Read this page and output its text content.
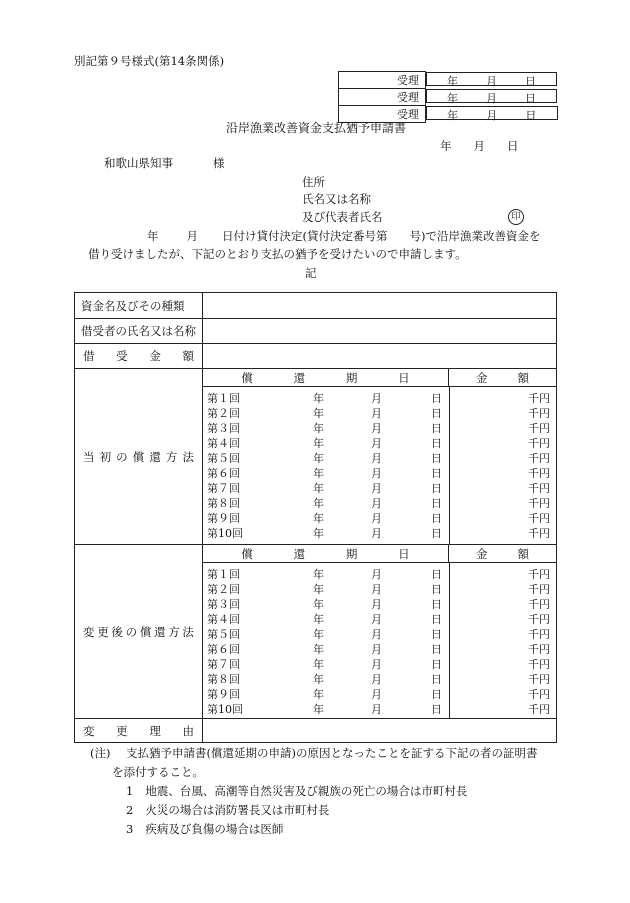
別記第９号様式(第14条関係)
受理		年	月	日

受理		年	月	日

受理		年	月	日
沿岸漁業改善資金支払猶予申請書
年 月 日
和歌山県知事	様
住所
氏名又は名称
及び代表者氏名	印
年 月 日付け貸付決定(貸付決定番号第 号)で沿岸漁業改善資金を
借り受けましたが、下記のとおり支払の猶予を受けたいので申請します。
記
資金名及びその種類
借受者の氏名又は名称
借 受 金 額
当 初 の 償 還 方 法
償	還	期	日	金	額
第１回	年	月	日	千円
第２回	年	月	日	千円
第３回	年	月	日	千円
第４回	年	月	日	千円
第５回	年	月	日	千円
第６回	年	月	日	千円
第７回	年	月	日	千円
第８回	年	月	日	千円
第９回	年	月	日	千円
第10回	年	月	日	千円
変 更 後 の 償 還 方 法
償	還	期	日	金	額
第１回	年	月	日	千円
第２回	年	月	日	千円
第３回	年	月	日	千円
第４回	年	月	日	千円
第５回	年	月	日	千円
第６回	年	月	日	千円
第７回	年	月	日	千円
第８回	年	月	日	千円
第９回	年	月	日	千円
第10回	年	月	日	千円
変 更 理 由
(注) 支払猶予申請書(償還延期の申請)の原因となったことを証する下記の者の証明書
を添付すること。
1 地震、台風、高潮等自然災害及び親族の死亡の場合は市町村長
2 火災の場合は消防署長又は市町村長
3 疾病及び負傷の場合は医師
